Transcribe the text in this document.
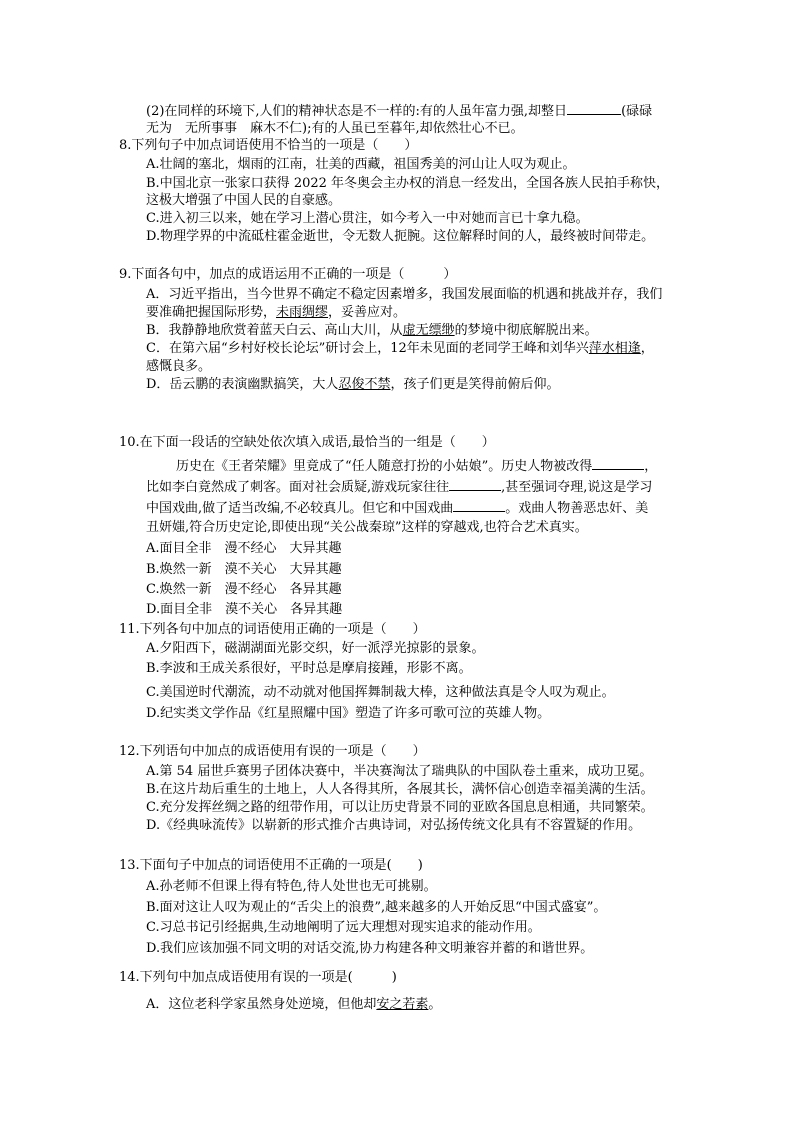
(2)在同样的环境下,人们的精神状态是不一样的:有的人虽年富力强,却整日	(碌碌
无为　无所事事　麻木不仁);有的人虽已至暮年,却依然壮心不已。
8.下列句子中加点词语使用不恰当的一项是（　　）
A.壮阔的塞北，烟雨的江南，壮美的西藏，祖国秀美的河山让人叹为观止。
B.中国北京一张家口获得 2022 年冬奥会主办权的消息一经发出，全国各族人民拍手称快，
这极大增强了中国人民的自豪感。
C.进入初三以来，她在学习上潜心贯注，如今考入一中对她而言已十拿九稳。
D.物理学界的中流砥柱霍金逝世，令无数人扼腕。这位解释时间的人，最终被时间带走。
9.下面各句中，加点的成语运用不正确的一项是（　　　）
A．习近平指出，当今世界不确定不稳定因素增多，我国发展面临的机遇和挑战并存，我们
要准确把握国际形势，未雨绸缪，妥善应对。
B．我静静地欣赏着蓝天白云、高山大川，从虚无缥缈的梦境中彻底解脱出来。
C．在第六届“乡村好校长论坛”研讨会上，12年未见面的老同学王峰和刘华兴萍水相逢，
感慨良多。
D．岳云鹏的表演幽默搞笑，大人忍俊不禁，孩子们更是笑得前俯后仰。
10.在下面一段话的空缺处依次填入成语,最恰当的一组是（　　）
历史在《王者荣耀》里竟成了“任人随意打扮的小姑娘”。历史人物被改得	，
比如李白竟然成了刺客。面对社会质疑,游戏玩家往往	,甚至强词夺理,说这是学习
中国戏曲,做了适当改编,不必较真儿。但它和中国戏曲	。戏曲人物善恶忠奸、美
丑妍媸,符合历史定论,即使出现“关公战秦琼”这样的穿越戏,也符合艺术真实。
A.面目全非　漫不经心　大异其趣
B.焕然一新　漠不关心　大异其趣
C.焕然一新　漫不经心　各异其趣
D.面目全非　漠不关心　各异其趣
11.下列各句中加点的词语使用正确的一项是（　　）
A.夕阳西下，磁湖湖面光影交织，好一派浮光掠影的景象。
B.李波和王成关系很好，平时总是摩肩接踵，形影不离。
C.美国逆时代潮流，动不动就对他国挥舞制裁大棒，这种做法真是令人叹为观止。
D.纪实类文学作品《红星照耀中国》塑造了许多可歌可泣的英雄人物。
12.下列语句中加点的成语使用有误的一项是（　　）
A.第 54 届世乒赛男子团体决赛中，半决赛淘汰了瑞典队的中国队卷土重来，成功卫冕。
B.在这片劫后重生的土地上，人人各得其所，各展其长，满怀信心创造幸福美满的生活。
C.充分发挥丝绸之路的纽带作用，可以让历史背景不同的亚欧各国息息相通，共同繁荣。
D.《经典咏流传》以崭新的形式推介古典诗词，对弘扬传统文化具有不容置疑的作用。
13.下面句子中加点的词语使用不正确的一项是(　　)
A.孙老师不但课上得有特色,待人处世也无可挑剔。
B.面对这让人叹为观止的“舌尖上的浪费”,越来越多的人开始反思“中国式盛宴”。
C.习总书记引经据典,生动地阐明了远大理想对现实追求的能动作用。
D.我们应该加强不同文明的对话交流,协力构建各种文明兼容并蓄的和谐世界。
14.下列句中加点成语使用有误的一项是(　　　)
A．这位老科学家虽然身处逆境，但他却安之若素。
